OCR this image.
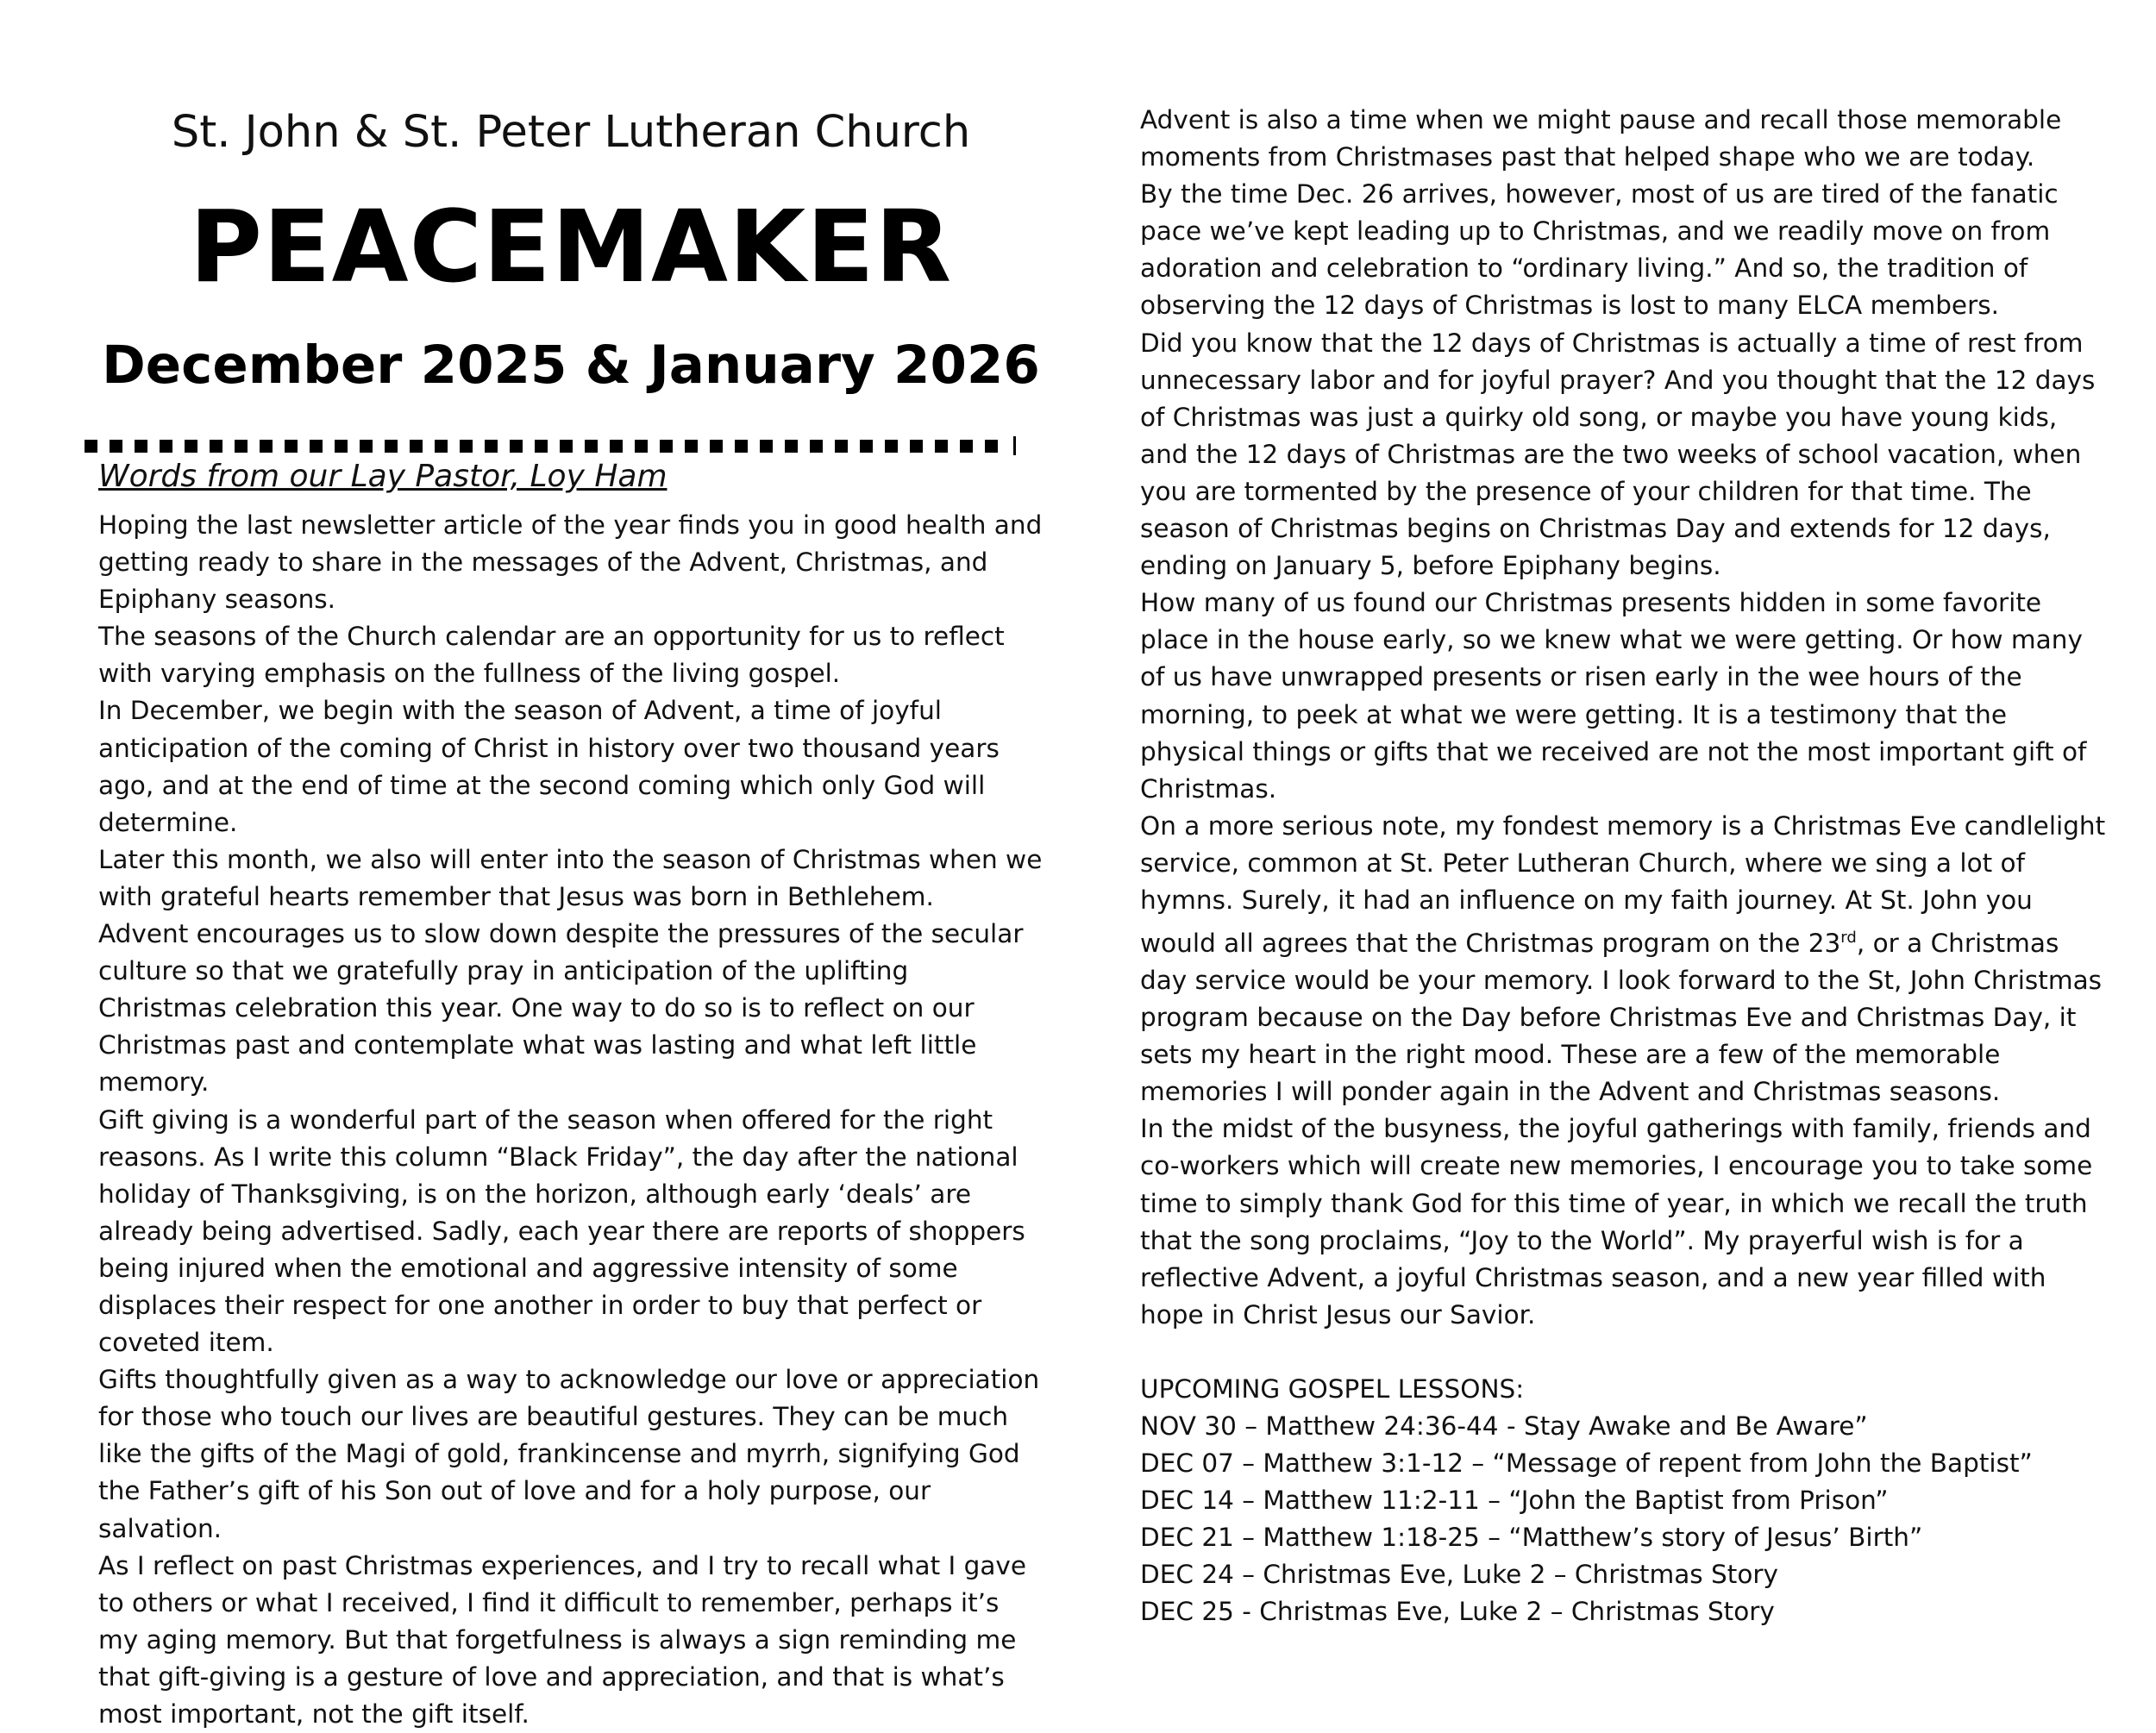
St. John & St. Peter Lutheran Church
PEACEMAKER
December 2025 & January 2026
Words from our Lay Pastor, Loy Ham

Hoping the last newsletter article of the year finds you in good health and getting ready to share in the messages of the Advent, Christmas, and Epiphany seasons.

The seasons of the Church calendar are an opportunity for us to reflect with varying emphasis on the fullness of the living gospel.

In December, we begin with the season of Advent, a time of joyful anticipation of the coming of Christ in history over two thousand years ago, and at the end of time at the second coming which only God will determine.

Later this month, we also will enter into the season of Christmas when we with grateful hearts remember that Jesus was born in Bethlehem.

Advent encourages us to slow down despite the pressures of the secular culture so that we gratefully pray in anticipation of the uplifting Christmas celebration this year. One way to do so is to reflect on our Christmas past and contemplate what was lasting and what left little memory.

Gift giving is a wonderful part of the season when offered for the right reasons. As I write this column “Black Friday”, the day after the national holiday of Thanksgiving, is on the horizon, although early ‘deals’ are already being advertised. Sadly, each year there are reports of shoppers being injured when the emotional and aggressive intensity of some displaces their respect for one another in order to buy that perfect or coveted item.

Gifts thoughtfully given as a way to acknowledge our love or appreciation for those who touch our lives are beautiful gestures. They can be much like the gifts of the Magi of gold, frankincense and myrrh, signifying God the Father’s gift of his Son out of love and for a holy purpose, our salvation.

As I reflect on past Christmas experiences, and I try to recall what I gave to others or what I received, I find it difficult to remember, perhaps it’s my aging memory. But that forgetfulness is always a sign reminding me that gift-giving is a gesture of love and appreciation, and that is what’s most important, not the gift itself.

Advent is also a time when we might pause and recall those memorable moments from Christmases past that helped shape who we are today.

By the time Dec. 26 arrives, however, most of us are tired of the fanatic pace we’ve kept leading up to Christmas, and we readily move on from adoration and celebration to “ordinary living.” And so, the tradition of observing the 12 days of Christmas is lost to many ELCA members.

Did you know that the 12 days of Christmas is actually a time of rest from unnecessary labor and for joyful prayer? And you thought that the 12 days of Christmas was just a quirky old song, or maybe you have young kids, and the 12 days of Christmas are the two weeks of school vacation, when you are tormented by the presence of your children for that time. The season of Christmas begins on Christmas Day and extends for 12 days, ending on January 5, before Epiphany begins.

How many of us found our Christmas presents hidden in some favorite place in the house early, so we knew what we were getting. Or how many of us have unwrapped presents or risen early in the wee hours of the morning, to peek at what we were getting. It is a testimony that the physical things or gifts that we received are not the most important gift of Christmas.

On a more serious note, my fondest memory is a Christmas Eve candlelight service, common at St. Peter Lutheran Church, where we sing a lot of hymns. Surely, it had an influence on my faith journey. At St. John you would all agrees that the Christmas program on the 23rd, or a Christmas day service would be your memory. I look forward to the St, John Christmas program because on the Day before Christmas Eve and Christmas Day, it sets my heart in the right mood. These are a few of the memorable memories I will ponder again in the Advent and Christmas seasons.

In the midst of the busyness, the joyful gatherings with family, friends and co-workers which will create new memories, I encourage you to take some time to simply thank God for this time of year, in which we recall the truth that the song proclaims, “Joy to the World”. My prayerful wish is for a reflective Advent, a joyful Christmas season, and a new year filled with hope in Christ Jesus our Savior.

UPCOMING GOSPEL LESSONS:

NOV 30 – Matthew 24:36-44 - Stay Awake and Be Aware”

DEC 07 – Matthew 3:1-12 – “Message of repent from John the Baptist”

DEC 14 – Matthew 11:2-11 – “John the Baptist from Prison”

DEC 21 – Matthew 1:18-25 – “Matthew’s story of Jesus’ Birth”

DEC 24 – Christmas Eve, Luke 2 – Christmas Story

DEC 25 - Christmas Eve, Luke 2 – Christmas Story
